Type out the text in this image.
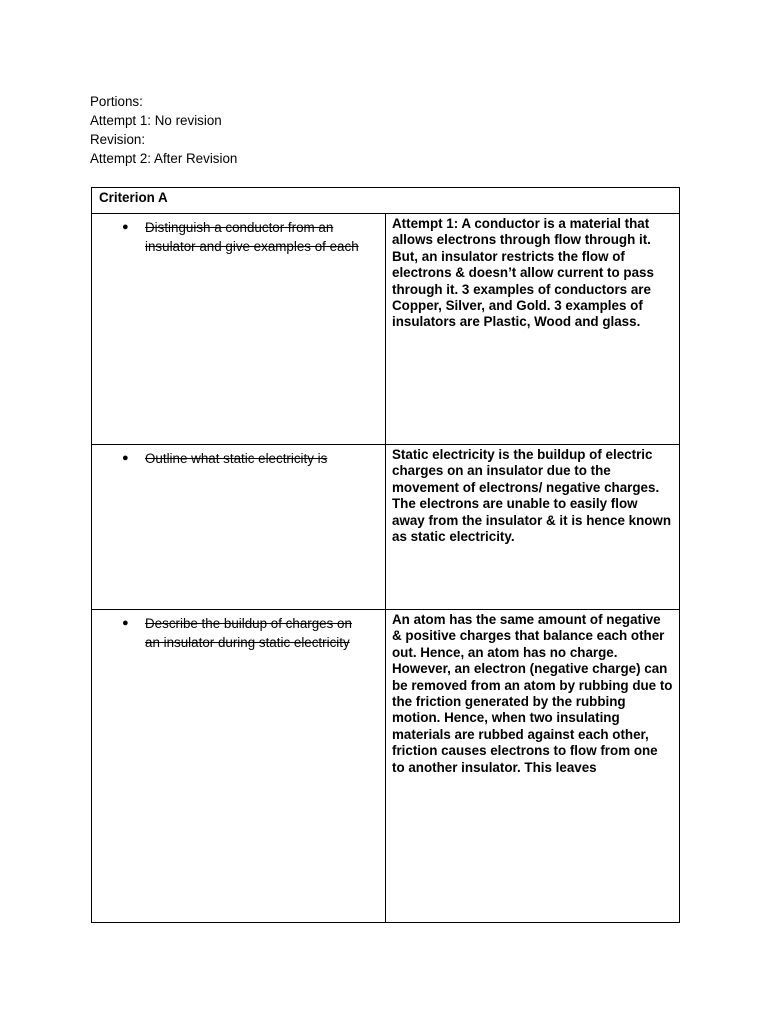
Portions:
Attempt 1: No revision
Revision:
Attempt 2: After Revision
Criterion A	

● Distinguish a conductor from an insulator and give examples of each	Attempt 1: A conductor is a material that allows electrons through flow through it. But, an insulator restricts the flow of electrons & doesn’t allow current to pass through it. 3 examples of conductors are Copper, Silver, and Gold. 3 examples of insulators are Plastic, Wood and glass.

● Outline what static electricity is	Static electricity is the buildup of electric charges on an insulator due to the movement of electrons/ negative charges. The electrons are unable to easily flow away from the insulator & it is hence known as static electricity.

● Describe the buildup of charges on an insulator during static electricity	An atom has the same amount of negative & positive charges that balance each other out. Hence, an atom has no charge. However, an electron (negative charge) can be removed from an atom by rubbing due to the friction generated by the rubbing motion. Hence, when two insulating materials are rubbed against each other, friction causes electrons to flow from one to another insulator. This leaves
